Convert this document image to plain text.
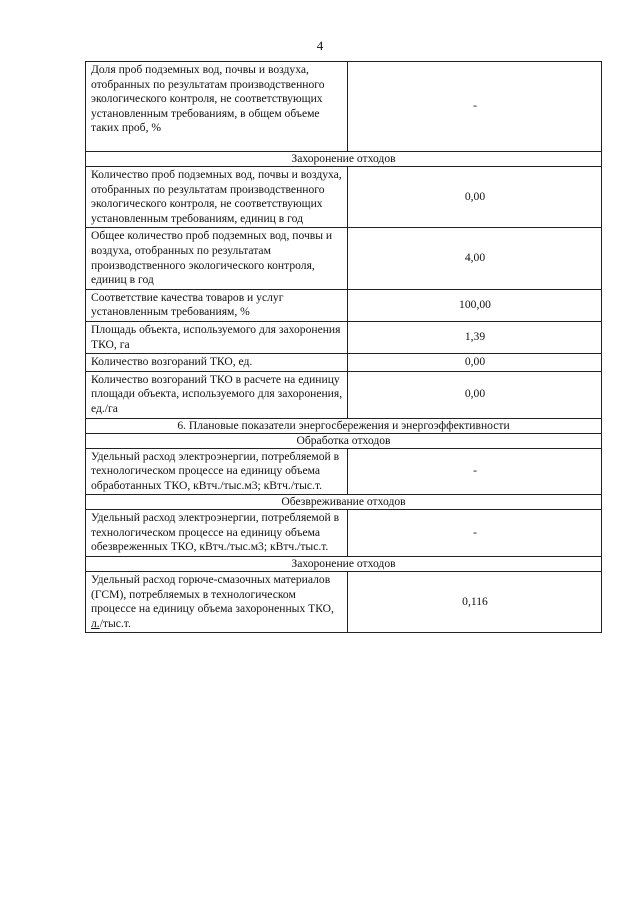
4
Доля проб подземных вод, почвы и воздуха, отобранных по результатам производственного экологического контроля, не соответствующих установленным требованиям, в общем объеме таких проб, %	-
Захоронение отходов	
Количество проб подземных вод, почвы и воздуха, отобранных по результатам производственного экологического контроля, не соответствующих установленным требованиям, единиц в год	0,00
Общее количество проб подземных вод, почвы и воздуха, отобранных по результатам производственного экологического контроля, единиц в год	4,00
Соответствие качества товаров и услуг установленным требованиям, %	100,00
Площадь объекта, используемого для захоронения ТКО, га	1,39
Количество возгораний ТКО, ед.	0,00
Количество возгораний ТКО в расчете на единицу площади объекта, используемого для захоронения, ед./га	0,00
6. Плановые показатели энергосбережения и энергоэффективности	
Обработка отходов	
Удельный расход электроэнергии, потребляемой в технологическом процессе на единицу объема обработанных ТКО, кВтч./тыс.м3; кВтч./тыс.т.	-
Обезвреживание отходов	
Удельный расход электроэнергии, потребляемой в технологическом процессе на единицу объема обезвреженных ТКО, кВтч./тыс.м3; кВтч./тыс.т.	-
Захоронение отходов	
Удельный расход горюче-смазочных материалов (ГСМ), потребляемых в технологическом процессе на единицу объема захороненных ТКО, л./тыс.т.	0,116
